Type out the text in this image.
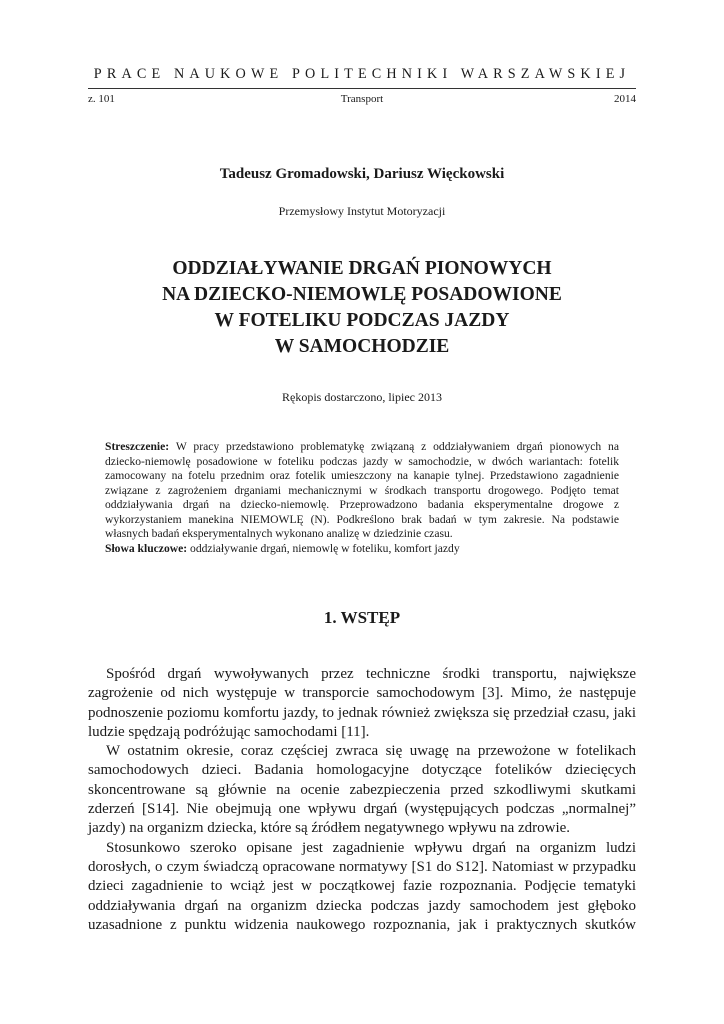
PRACE NAUKOWE POLITECHNIKI WARSZAWSKIEJ
z. 101	Transport	2014
Tadeusz Gromadowski, Dariusz Więckowski
Przemysłowy Instytut Motoryzacji
ODDZIAŁYWANIE DRGAŃ PIONOWYCH
NA DZIECKO-NIEMOWLĘ POSADOWIONE
W FOTELIKU PODCZAS JAZDY
W SAMOCHODZIE
Rękopis dostarczono, lipiec 2013

Streszczenie: W pracy przedstawiono problematykę związaną z oddziaływaniem drgań pionowych na dziecko-niemowlę posadowione w foteliku podczas jazdy w samochodzie, w dwóch wariantach: fotelik zamocowany na fotelu przednim oraz fotelik umieszczony na kanapie tylnej. Przedstawiono zagadnienie związane z zagrożeniem drganiami mechanicznymi w środkach transportu drogowego. Podjęto temat oddziaływania drgań na dziecko-niemowlę. Przeprowadzono badania eksperymentalne drogowe z wykorzystaniem manekina NIEMOWLĘ (N). Podkreślono brak badań w tym zakresie. Na podstawie własnych badań eksperymentalnych wykonano analizę w dziedzinie czasu.

Słowa kluczowe: oddziaływanie drgań, niemowlę w foteliku, komfort jazdy

1. WSTĘP

Spośród drgań wywoływanych przez techniczne środki transportu, największe zagrożenie od nich występuje w transporcie samochodowym [3]. Mimo, że następuje podnoszenie poziomu komfortu jazdy, to jednak również zwiększa się przedział czasu, jaki ludzie spędzają podróżując samochodami [11].

W ostatnim okresie, coraz częściej zwraca się uwagę na przewożone w fotelikach samochodowych dzieci. Badania homologacyjne dotyczące fotelików dziecięcych skoncentrowane są głównie na ocenie zabezpieczenia przed szkodliwymi skutkami zderzeń [S14]. Nie obejmują one wpływu drgań (występujących podczas „normalnej” jazdy) na organizm dziecka, które są źródłem negatywnego wpływu na zdrowie.

Stosunkowo szeroko opisane jest zagadnienie wpływu drgań na organizm ludzi dorosłych, o czym świadczą opracowane normatywy [S1 do S12]. Natomiast w przypadku dzieci zagadnienie to wciąż jest w początkowej fazie rozpoznania. Podjęcie tematyki oddziaływania drgań na organizm dziecka podczas jazdy samochodem jest głęboko uzasadnione z punktu widzenia naukowego rozpoznania, jak i praktycznych skutków
